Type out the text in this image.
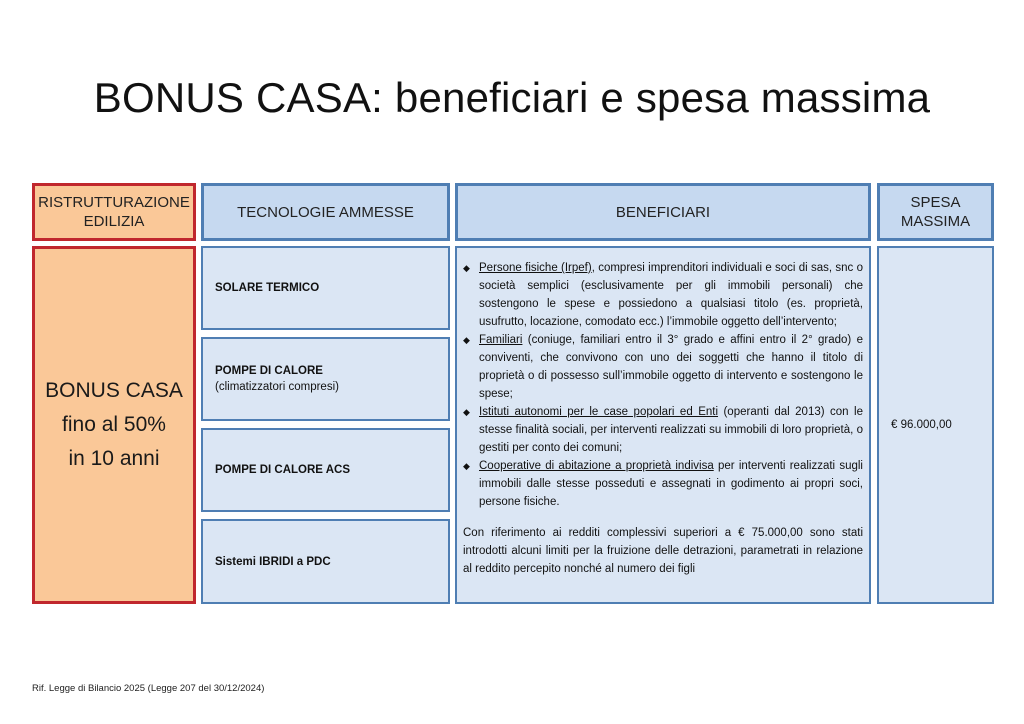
BONUS CASA: beneficiari e spesa massima
RISTRUTTURAZIONE
EDILIZIA
TECNOLOGIE AMMESSE	BENEFICIARI
SPESA
MASSIMA
BONUS CASA
fino al 50%
in 10 anni
SOLARE TERMICO
POMPE DI CALORE
(climatizzatori compresi)
POMPE DI CALORE ACS
Sistemi IBRIDI a PDC
◆ Persone fisiche (Irpef), compresi imprenditori individuali e soci di sas, snc o società semplici (esclusivamente per gli immobili personali) che sostengono le spese e possiedono a qualsiasi titolo (es. proprietà, usufrutto, locazione, comodato ecc.) l’immobile oggetto dell’intervento;
◆ Familiari (coniuge, familiari entro il 3° grado e affini entro il 2° grado) e conviventi, che convivono con uno dei soggetti che hanno il titolo di proprietà o di possesso sull’immobile oggetto di intervento e sostengono le spese;
◆ Istituti autonomi per le case popolari ed Enti (operanti dal 2013) con le stesse finalità sociali, per interventi realizzati su immobili di loro proprietà, o gestiti per conto dei comuni;
◆ Cooperative di abitazione a proprietà indivisa per interventi realizzati sugli immobili dalle stesse posseduti e assegnati in godimento ai propri soci, persone fisiche.
Con riferimento ai redditi complessivi superiori a € 75.000,00 sono stati introdotti alcuni limiti per la fruizione delle detrazioni, parametrati in relazione al reddito percepito nonché al numero dei figli
€ 96.000,00
Rif. Legge di Bilancio 2025 (Legge 207 del 30/12/2024)
